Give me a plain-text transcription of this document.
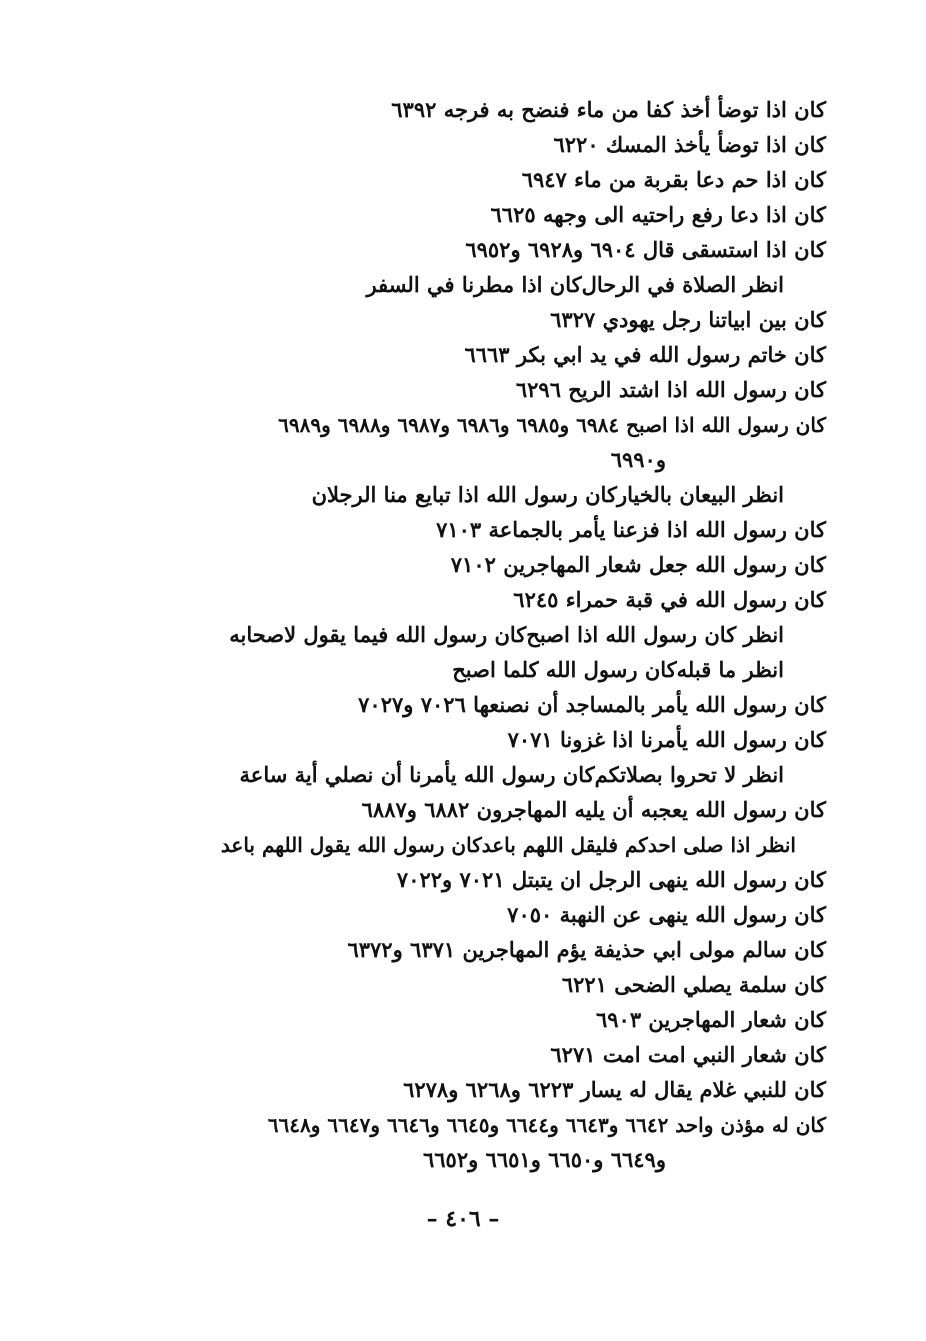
كان اذا توضأ أخذ كفا من ماء فنضح به فرجه ٦٣٩٢
كان اذا توضأ يأخذ المسك ٦٢٢٠
كان اذا حم دعا بقربة من ماء ٦٩٤٧
كان اذا دعا رفع راحتيه الى وجهه ٦٦٢٥
كان اذا استسقى قال ٦٩٠٤ و٦٩٢٨ و٦٩٥٢
كان اذا مطرنا في السفرانظر الصلاة في الرحال
كان بين ابياتنا رجل يهودي ٦٣٢٧
كان خاتم رسول الله في يد ابي بكر ٦٦٦٣
كان رسول الله اذا اشتد الريح ٦٢٩٦
كان رسول الله اذا اصبح ٦٩٨٤ و٦٩٨٥ و٦٩٨٦ و٦٩٨٧ و٦٩٨٨ و٦٩٨٩
و٦٩٩٠
كان رسول الله اذا تبايع منا الرجلانانظر البيعان بالخيار
كان رسول الله اذا فزعنا يأمر بالجماعة ٧١٠٣
كان رسول الله جعل شعار المهاجرين ٧١٠٢
كان رسول الله في قبة حمراء ٦٢٤٥
كان رسول الله فيما يقول لاصحابهانظر كان رسول الله اذا اصبح
كان رسول الله كلما اصبحانظر ما قبله
كان رسول الله يأمر بالمساجد أن نصنعها ٧٠٢٦ و٧٠٢٧
كان رسول الله يأمرنا اذا غزونا ٧٠٧١
كان رسول الله يأمرنا أن نصلي أية ساعةانظر لا تحروا بصلاتكم
كان رسول الله يعجبه أن يليه المهاجرون ٦٨٨٢ و٦٨٨٧
كان رسول الله يقول اللهم باعدانظر اذا صلى احدكم فليقل اللهم باعد
كان رسول الله ينهى الرجل ان يتبتل ٧٠٢١ و٧٠٢٢
كان رسول الله ينهى عن النهبة ٧٠٥٠
كان سالم مولى ابي حذيفة يؤم المهاجرين ٦٣٧١ و٦٣٧٢
كان سلمة يصلي الضحى ٦٢٢١
كان شعار المهاجرين ٦٩٠٣
كان شعار النبي امت امت ٦٢٧١
كان للنبي غلام يقال له يسار ٦٢٢٣ و٦٢٦٨ و٦٢٧٨
كان له مؤذن واحد ٦٦٤٢ و٦٦٤٣ و٦٦٤٤ و٦٦٤٥ و٦٦٤٦ و٦٦٤٧ و٦٦٤٨
و٦٦٤٩ و٦٦٥٠ و٦٦٥١ و٦٦٥٢
– ٤٠٦ –
